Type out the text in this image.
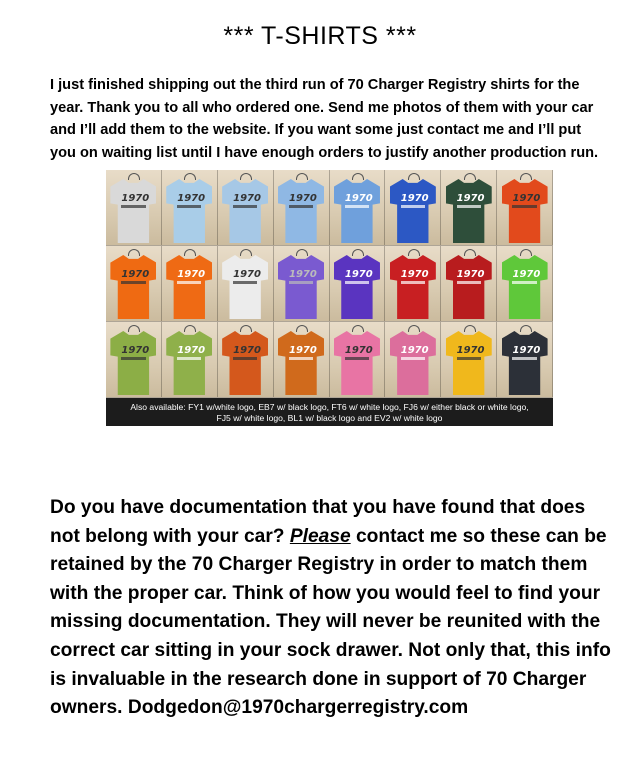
*** T-SHIRTS ***
I just finished shipping out the third run of 70 Charger Registry shirts for the year. Thank you to all who ordered one. Send me photos of them with your car and I’ll add them to the website. If you want some just contact me and I’ll put you on waiting list until I have enough orders to justify another production run.
1970	1970	1970	1970	1970	1970	1970	1970
1970	1970	1970	1970	1970	1970	1970	1970
1970	1970	1970	1970	1970	1970	1970	1970
Also available: FY1 w/white logo, EB7 w/ black logo, FT6 w/ white logo, FJ6 w/ either black or white logo,
FJ5 w/ white logo, BL1 w/ black logo and EV2 w/ white logo
Do you have documentation that you have found that does not belong with your car? Please contact me so these can be retained by the 70 Charger Registry in order to match them with the proper car. Think of how you would feel to find your missing documentation. They will never be reunited with the correct car sitting in your sock drawer. Not only that, this info is invaluable in the research done in support of 70 Charger owners. Dodgedon@1970chargerregistry.com
